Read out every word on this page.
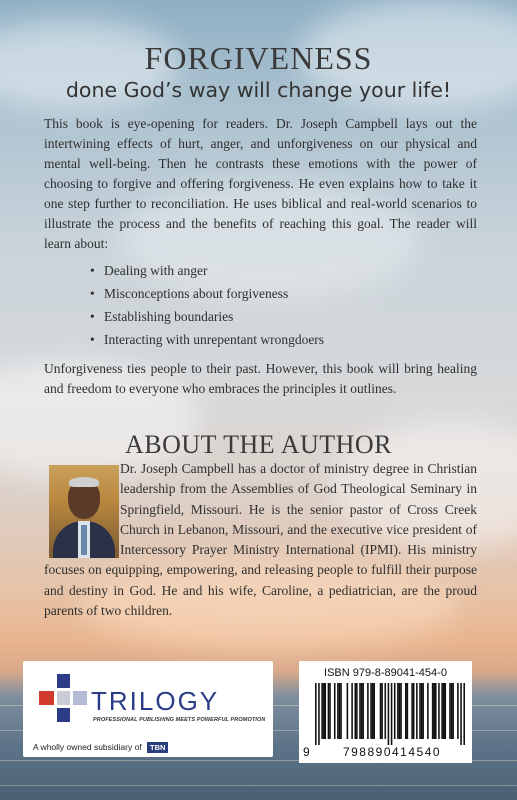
FORGIVENESS
done God’s way will change your life!

This book is eye-opening for readers. Dr. Joseph Campbell lays out the intertwining effects of hurt, anger, and unforgiveness on our physical and mental well-being. Then he contrasts these emotions with the power of choosing to forgive and offering forgiveness. He even explains how to take it one step further to reconciliation. He uses biblical and real-world scenarios to illustrate the process and the benefits of reaching this goal. The reader will learn about:

• Dealing with anger
• Misconceptions about forgiveness
• Establishing boundaries
• Interacting with unrepentant wrongdoers

Unforgiveness ties people to their past. However, this book will bring healing and freedom to everyone who embraces the principles it outlines.

ABOUT THE AUTHOR
Dr. Joseph Campbell has a doctor of ministry degree in Christian leadership from the Assemblies of God Theological Seminary in Springfield, Missouri. He is the senior pastor of Cross Creek Church in Lebanon, Missouri, and the executive vice president of Intercessory Prayer Ministry International (IPMI). His ministry focuses on equipping, empowering, and releasing people to fulfill their purpose and destiny in God. He and his wife, Caroline, a pediatrician, are the proud parents of two children.
TRILOGY
PROFESSIONAL PUBLISHING MEETS POWERFUL PROMOTION
A wholly owned subsidiary of TBN
ISBN 979-8-89041-454-0
9	798890414540
